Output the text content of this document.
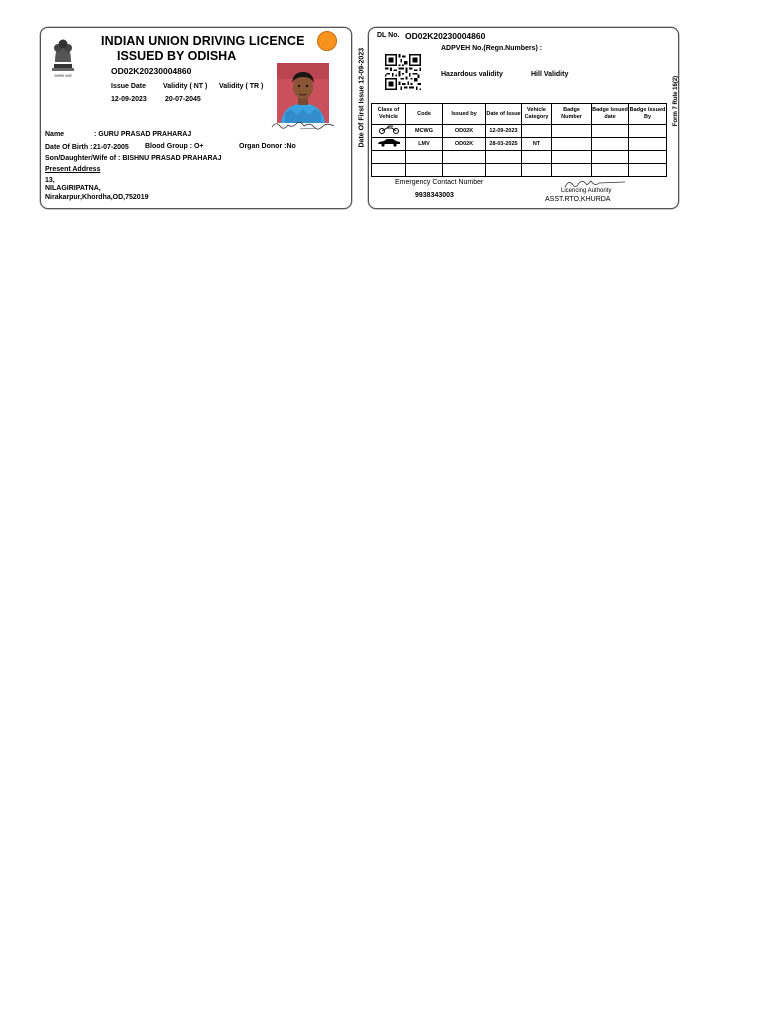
सत्यमेव जयते
INDIAN UNION DRIVING LICENCE
ISSUED BY ODISHA
OD02K20230004860
Issue Date Validity ( NT ) Validity ( TR )
12-09-2023	20-07-2045	Date Of First Issue 12-09-2023
Name	: GURU PRASAD PRAHARAJ
Date Of Birth : 21-07-2005 Blood Group : O+	Organ Donor :No
Son/Daughter/Wife of : BISHNU PRASAD PRAHARAJ
Present Address
13,
NILAGIRIPATNA,
Nirakarpur,Khordha,OD,752019
DL No. OD02K20230004860
ADPVEH No.(Regn.Numbers) :
Hazardous validity	Hill Validity
Form 7 Rule 16(2)
Class of Vehicle	Code	Issued by	Date of Issue	Vehicle Category	Badge Number	Badge Issued date	Badge Issued By
	MCWG	OD02K	12-09-2023				
	LMV	OD02K	28-03-2025	NT			

Emergency Contact Number
9938343003
Licencing Authority
ASST.RTO,KHURDA
